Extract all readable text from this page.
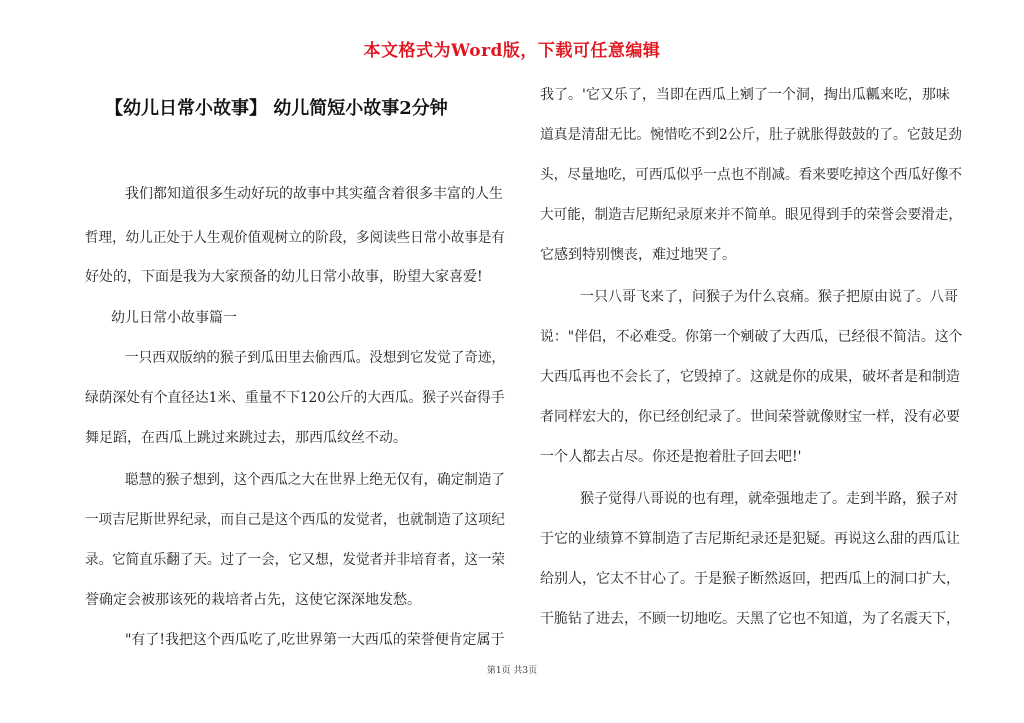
本文格式为Word版，下载可任意编辑
【幼儿日常小故事】 幼儿简短小故事2分钟
我们都知道很多生动好玩的故事中其实蕴含着很多丰富的人生
哲理，幼儿正处于人生观价值观树立的阶段，多阅读些日常小故事是有
好处的，下面是我为大家预备的幼儿日常小故事，盼望大家喜爱!
幼儿日常小故事篇一
一只西双版纳的猴子到瓜田里去偷西瓜。没想到它发觉了奇迹，
绿荫深处有个直径达1米、重量不下120公斤的大西瓜。猴子兴奋得手
舞足蹈，在西瓜上跳过来跳过去，那西瓜纹丝不动。
聪慧的猴子想到，这个西瓜之大在世界上绝无仅有，确定制造了
一项吉尼斯世界纪录，而自己是这个西瓜的发觉者，也就制造了这项纪
录。它简直乐翻了天。过了一会，它又想，发觉者并非培育者，这一荣
誉确定会被那该死的栽培者占先，这使它深深地发愁。
"有了!我把这个西瓜吃了,吃世界第一大西瓜的荣誉便肯定属于
我了。'它又乐了，当即在西瓜上剜了一个洞，掏出瓜瓤来吃，那味
道真是清甜无比。惋惜吃不到2公斤，肚子就胀得鼓鼓的了。它鼓足劲
头，尽量地吃，可西瓜似乎一点也不削减。看来要吃掉这个西瓜好像不
大可能，制造吉尼斯纪录原来并不简单。眼见得到手的荣誉会要滑走，
它感到特别懊丧，难过地哭了。
一只八哥飞来了，问猴子为什么哀痛。猴子把原由说了。八哥
说："伴侣，不必难受。你第一个剜破了大西瓜，已经很不简洁。这个
大西瓜再也不会长了，它毁掉了。这就是你的成果，破坏者是和制造
者同样宏大的，你已经创纪录了。世间荣誉就像财宝一样，没有必要
一个人都去占尽。你还是抱着肚子回去吧!'
猴子觉得八哥说的也有理，就牵强地走了。走到半路，猴子对
于它的业绩算不算制造了吉尼斯纪录还是犯疑。再说这么甜的西瓜让
给别人，它太不甘心了。于是猴子断然返回，把西瓜上的洞口扩大，
干脆钻了进去，不顾一切地吃。天黑了它也不知道，为了名震天下，
第1页 共3页
